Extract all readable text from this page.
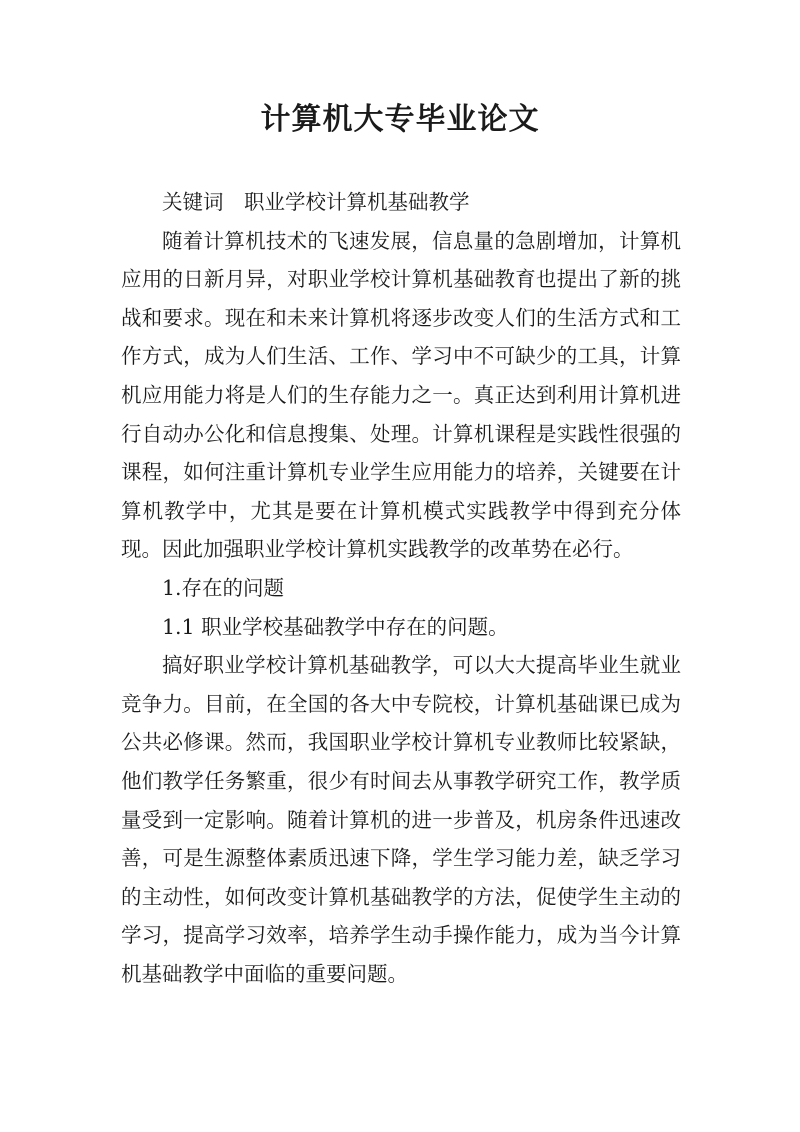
计算机大专毕业论文

关键词　职业学校计算机基础教学

随着计算机技术的飞速发展，信息量的急剧增加，计算机应用的日新月异，对职业学校计算机基础教育也提出了新的挑战和要求。现在和未来计算机将逐步改变人们的生活方式和工作方式，成为人们生活、工作、学习中不可缺少的工具，计算机应用能力将是人们的生存能力之一。真正达到利用计算机进行自动办公化和信息搜集、处理。计算机课程是实践性很强的课程，如何注重计算机专业学生应用能力的培养，关键要在计算机教学中，尤其是要在计算机模式实践教学中得到充分体现。因此加强职业学校计算机实践教学的改革势在必行。

1.存在的问题

1.1 职业学校基础教学中存在的问题。

搞好职业学校计算机基础教学，可以大大提高毕业生就业竞争力。目前，在全国的各大中专院校，计算机基础课已成为公共必修课。然而，我国职业学校计算机专业教师比较紧缺，他们教学任务繁重，很少有时间去从事教学研究工作，教学质量受到一定影响。随着计算机的进一步普及，机房条件迅速改善，可是生源整体素质迅速下降，学生学习能力差，缺乏学习的主动性，如何改变计算机基础教学的方法，促使学生主动的学习，提高学习效率，培养学生动手操作能力，成为当今计算机基础教学中面临的重要问题。
